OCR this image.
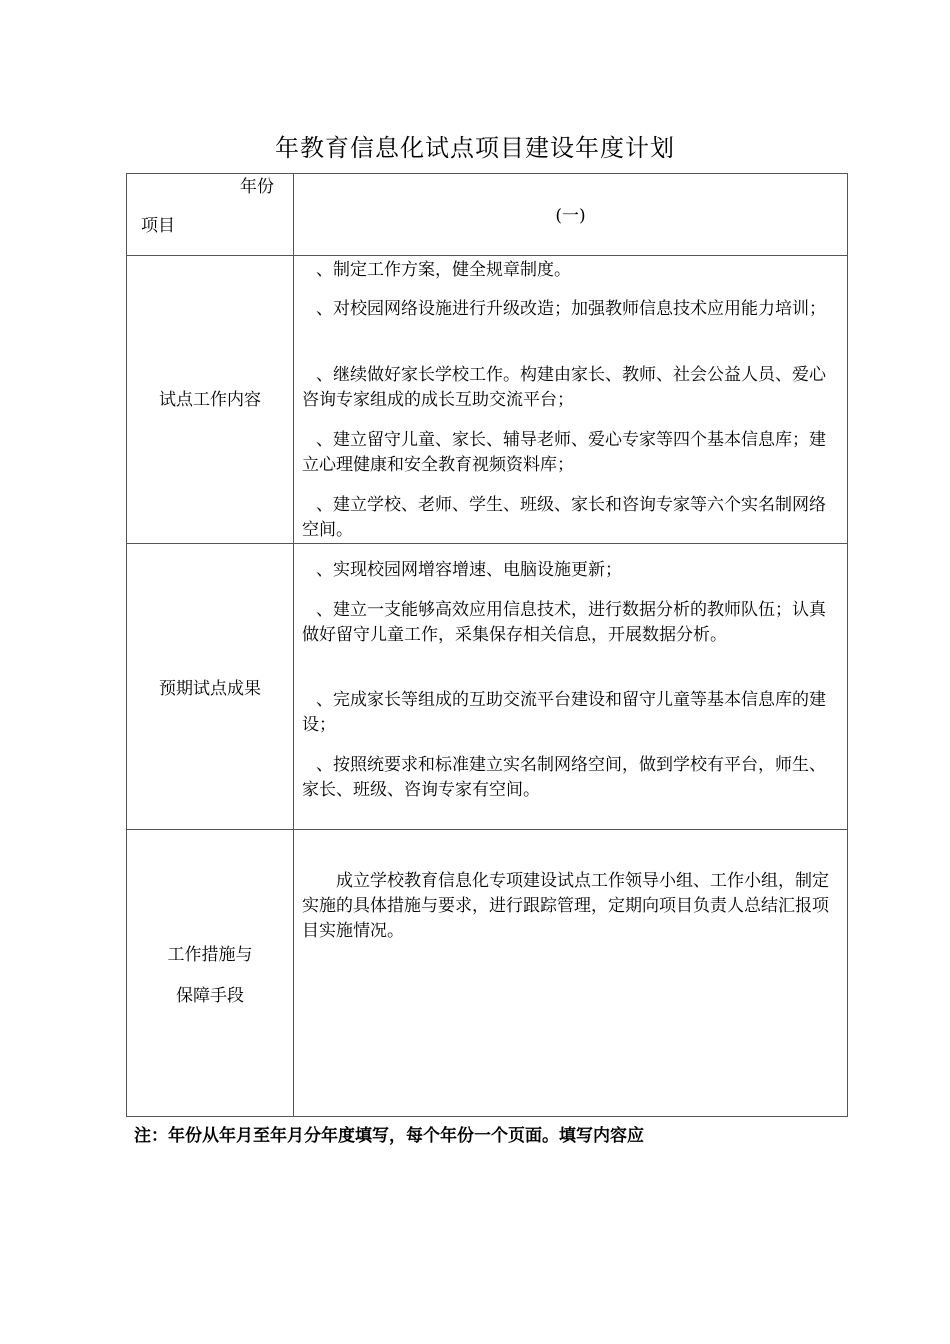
年教育信息化试点项目建设年度计划
年份
项目	(一)
试点工作内容
、制定工作方案，健全规章制度。
、对校园网络设施进行升级改造；加强教师信息技术应用能力培训；
、继续做好家长学校工作。构建由家长、教师、社会公益人员、爱心咨询专家组成的成长互助交流平台；
、建立留守儿童、家长、辅导老师、爱心专家等四个基本信息库；建立心理健康和安全教育视频资料库；
、建立学校、老师、学生、班级、家长和咨询专家等六个实名制网络空间。
预期试点成果
、实现校园网增容增速、电脑设施更新；
、建立一支能够高效应用信息技术，进行数据分析的教师队伍；认真做好留守儿童工作，采集保存相关信息，开展数据分析。
、完成家长等组成的互助交流平台建设和留守儿童等基本信息库的建设；
、按照统要求和标准建立实名制网络空间，做到学校有平台，师生、家长、班级、咨询专家有空间。
工作措施与
保障手段
成立学校教育信息化专项建设试点工作领导小组、工作小组，制定实施的具体措施与要求，进行跟踪管理，定期向项目负责人总结汇报项目实施情况。
注：年份从年月至年月分年度填写，每个年份一个页面。填写内容应
